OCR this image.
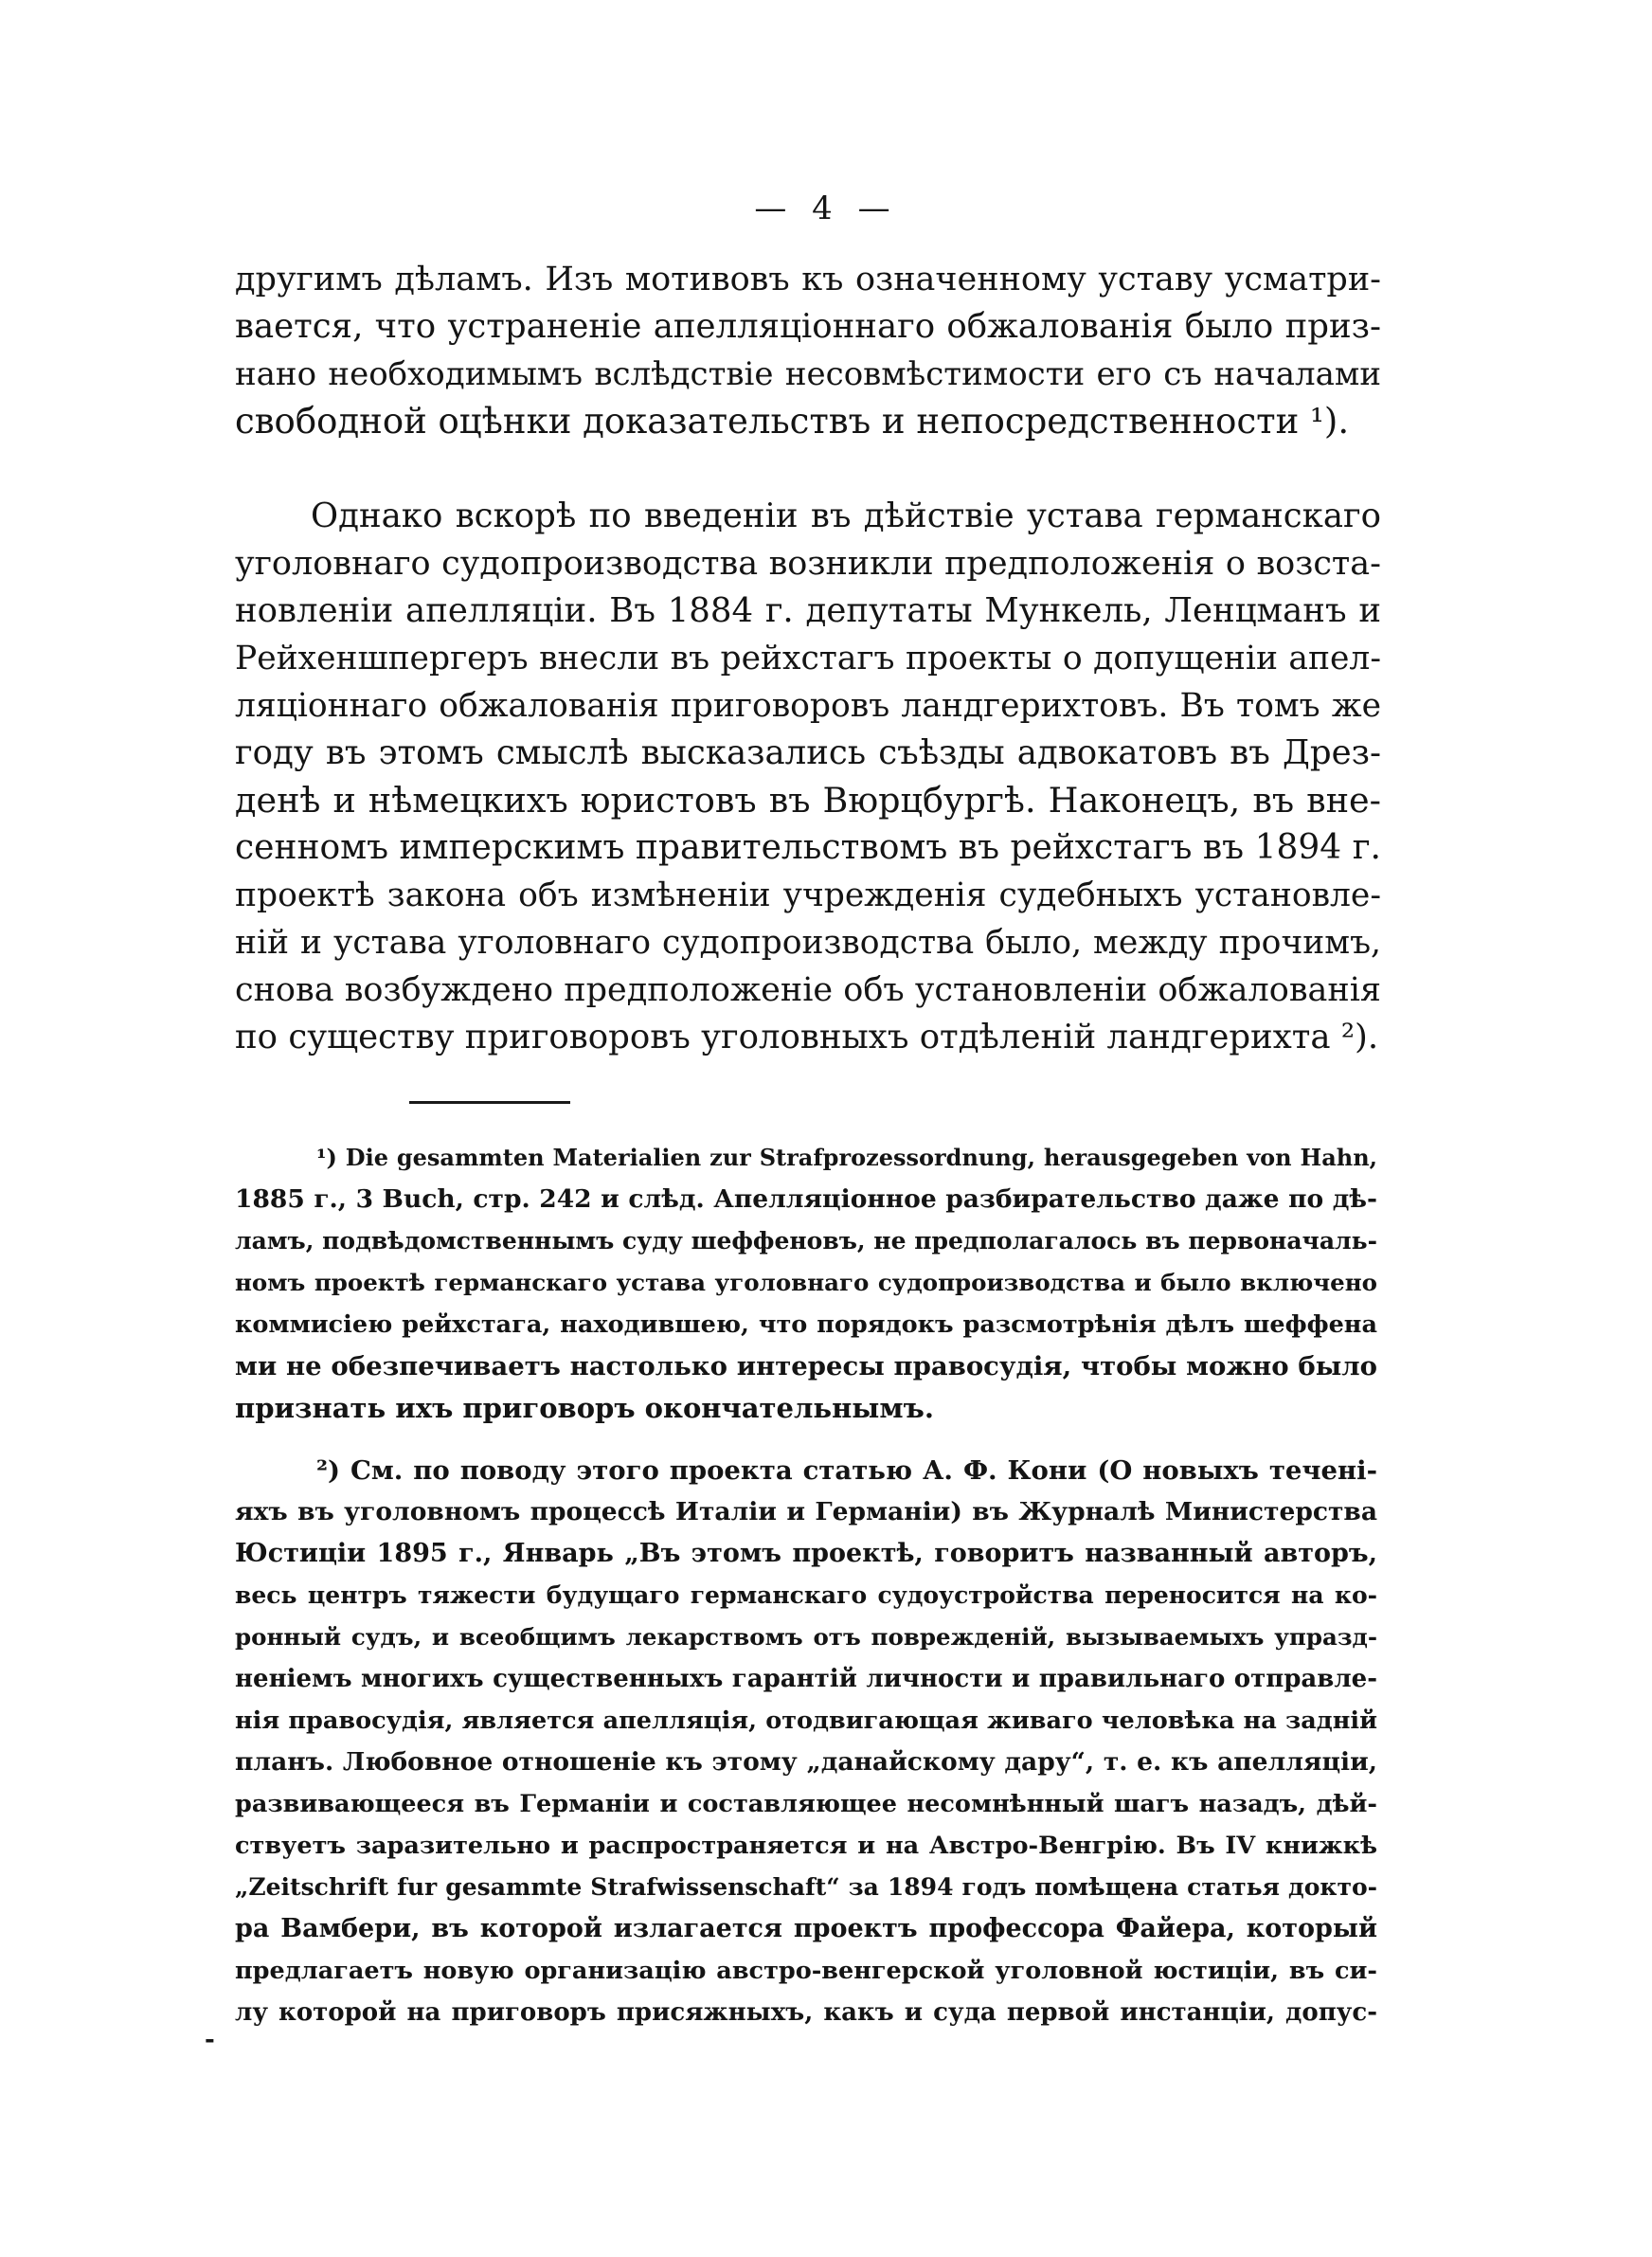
— 4 —
другимъ дѣламъ. Изъ мотивовъ къ означенному уставу усматри-
вается, что устраненіе апелляціоннаго обжалованія было приз-
нано необходимымъ вслѣдствіе несовмѣстимости его съ началами
свободной оцѣнки доказательствъ и непосредственности ¹).
Однако вскорѣ по введеніи въ дѣйствіе устава германскаго
уголовнаго судопроизводства возникли предположенія о возста-
новленіи апелляціи. Въ 1884 г. депутаты Мункель, Ленцманъ и
Рейхеншпергеръ внесли въ рейхстагъ проекты о допущеніи апел-
ляціоннаго обжалованія приговоровъ ландгерихтовъ. Въ томъ же
году въ этомъ смыслѣ высказались съѣзды адвокатовъ въ Дрез-
денѣ и нѣмецкихъ юристовъ въ Вюрцбургѣ. Наконецъ, въ вне-
сенномъ имперскимъ правительствомъ въ рейхстагъ въ 1894 г.
проектѣ закона объ измѣненіи учрежденія судебныхъ установле-
ній и устава уголовнаго судопроизводства было, между прочимъ,
снова возбуждено предположеніе объ установленіи обжалованія
по существу приговоровъ уголовныхъ отдѣленій ландгерихта ²).
¹) Die gesammten Materialien zur Strafprozessordnung, herausgegeben von Hahn,
1885 г., 3 Buch, стр. 242 и слѣд. Апелляціонное разбирательство даже по дѣ-
ламъ, подвѣдомственнымъ суду шеффеновъ, не предполагалось въ первоначаль-
номъ проектѣ германскаго устава уголовнаго судопроизводства и было включено
коммисіею рейхстага, находившею, что порядокъ разсмотрѣнія дѣлъ шеффена
ми не обезпечиваетъ настолько интересы правосудія, чтобы можно было
признать ихъ приговоръ окончательнымъ.
²) См. по поводу этого проекта статью А. Ф. Кони (О новыхъ теченi-
яхъ въ уголовномъ процессѣ Италіи и Германіи) въ Журналѣ Министерства
Юстиціи 1895 г., Январь „Въ этомъ проектѣ, говоритъ названный авторъ,
весь центръ тяжести будущаго германскаго судоустройства переносится на ко-
ронный судъ, и всеобщимъ лекарствомъ отъ поврежденій, вызываемыхъ упразд-
неніемъ многихъ существенныхъ гарантій личности и правильнаго отправле-
нія правосудія, является апелляція, отодвигающая живаго человѣка на заднiй
планъ. Любовное отношеніе къ этому „данайскому дару“, т. е. къ апелляціи,
развивающееся въ Германіи и составляющее несомнѣнный шагъ назадъ, дѣй-
ствуетъ заразительно и распространяется и на Австро-Венгрію. Въ IV книжкѣ
„Zeitschrift fur gesammte Strafwissenschaft“ за 1894 годъ помѣщена статья доктo-
ра Вамбери, въ которой излагается проектъ профессора Файера, который
предлагаетъ новую организацію австро-венгерской уголовной юстиціи, въ си-
лу которой на приговоръ присяжныхъ, какъ и суда первой инстанціи, допус-
-
